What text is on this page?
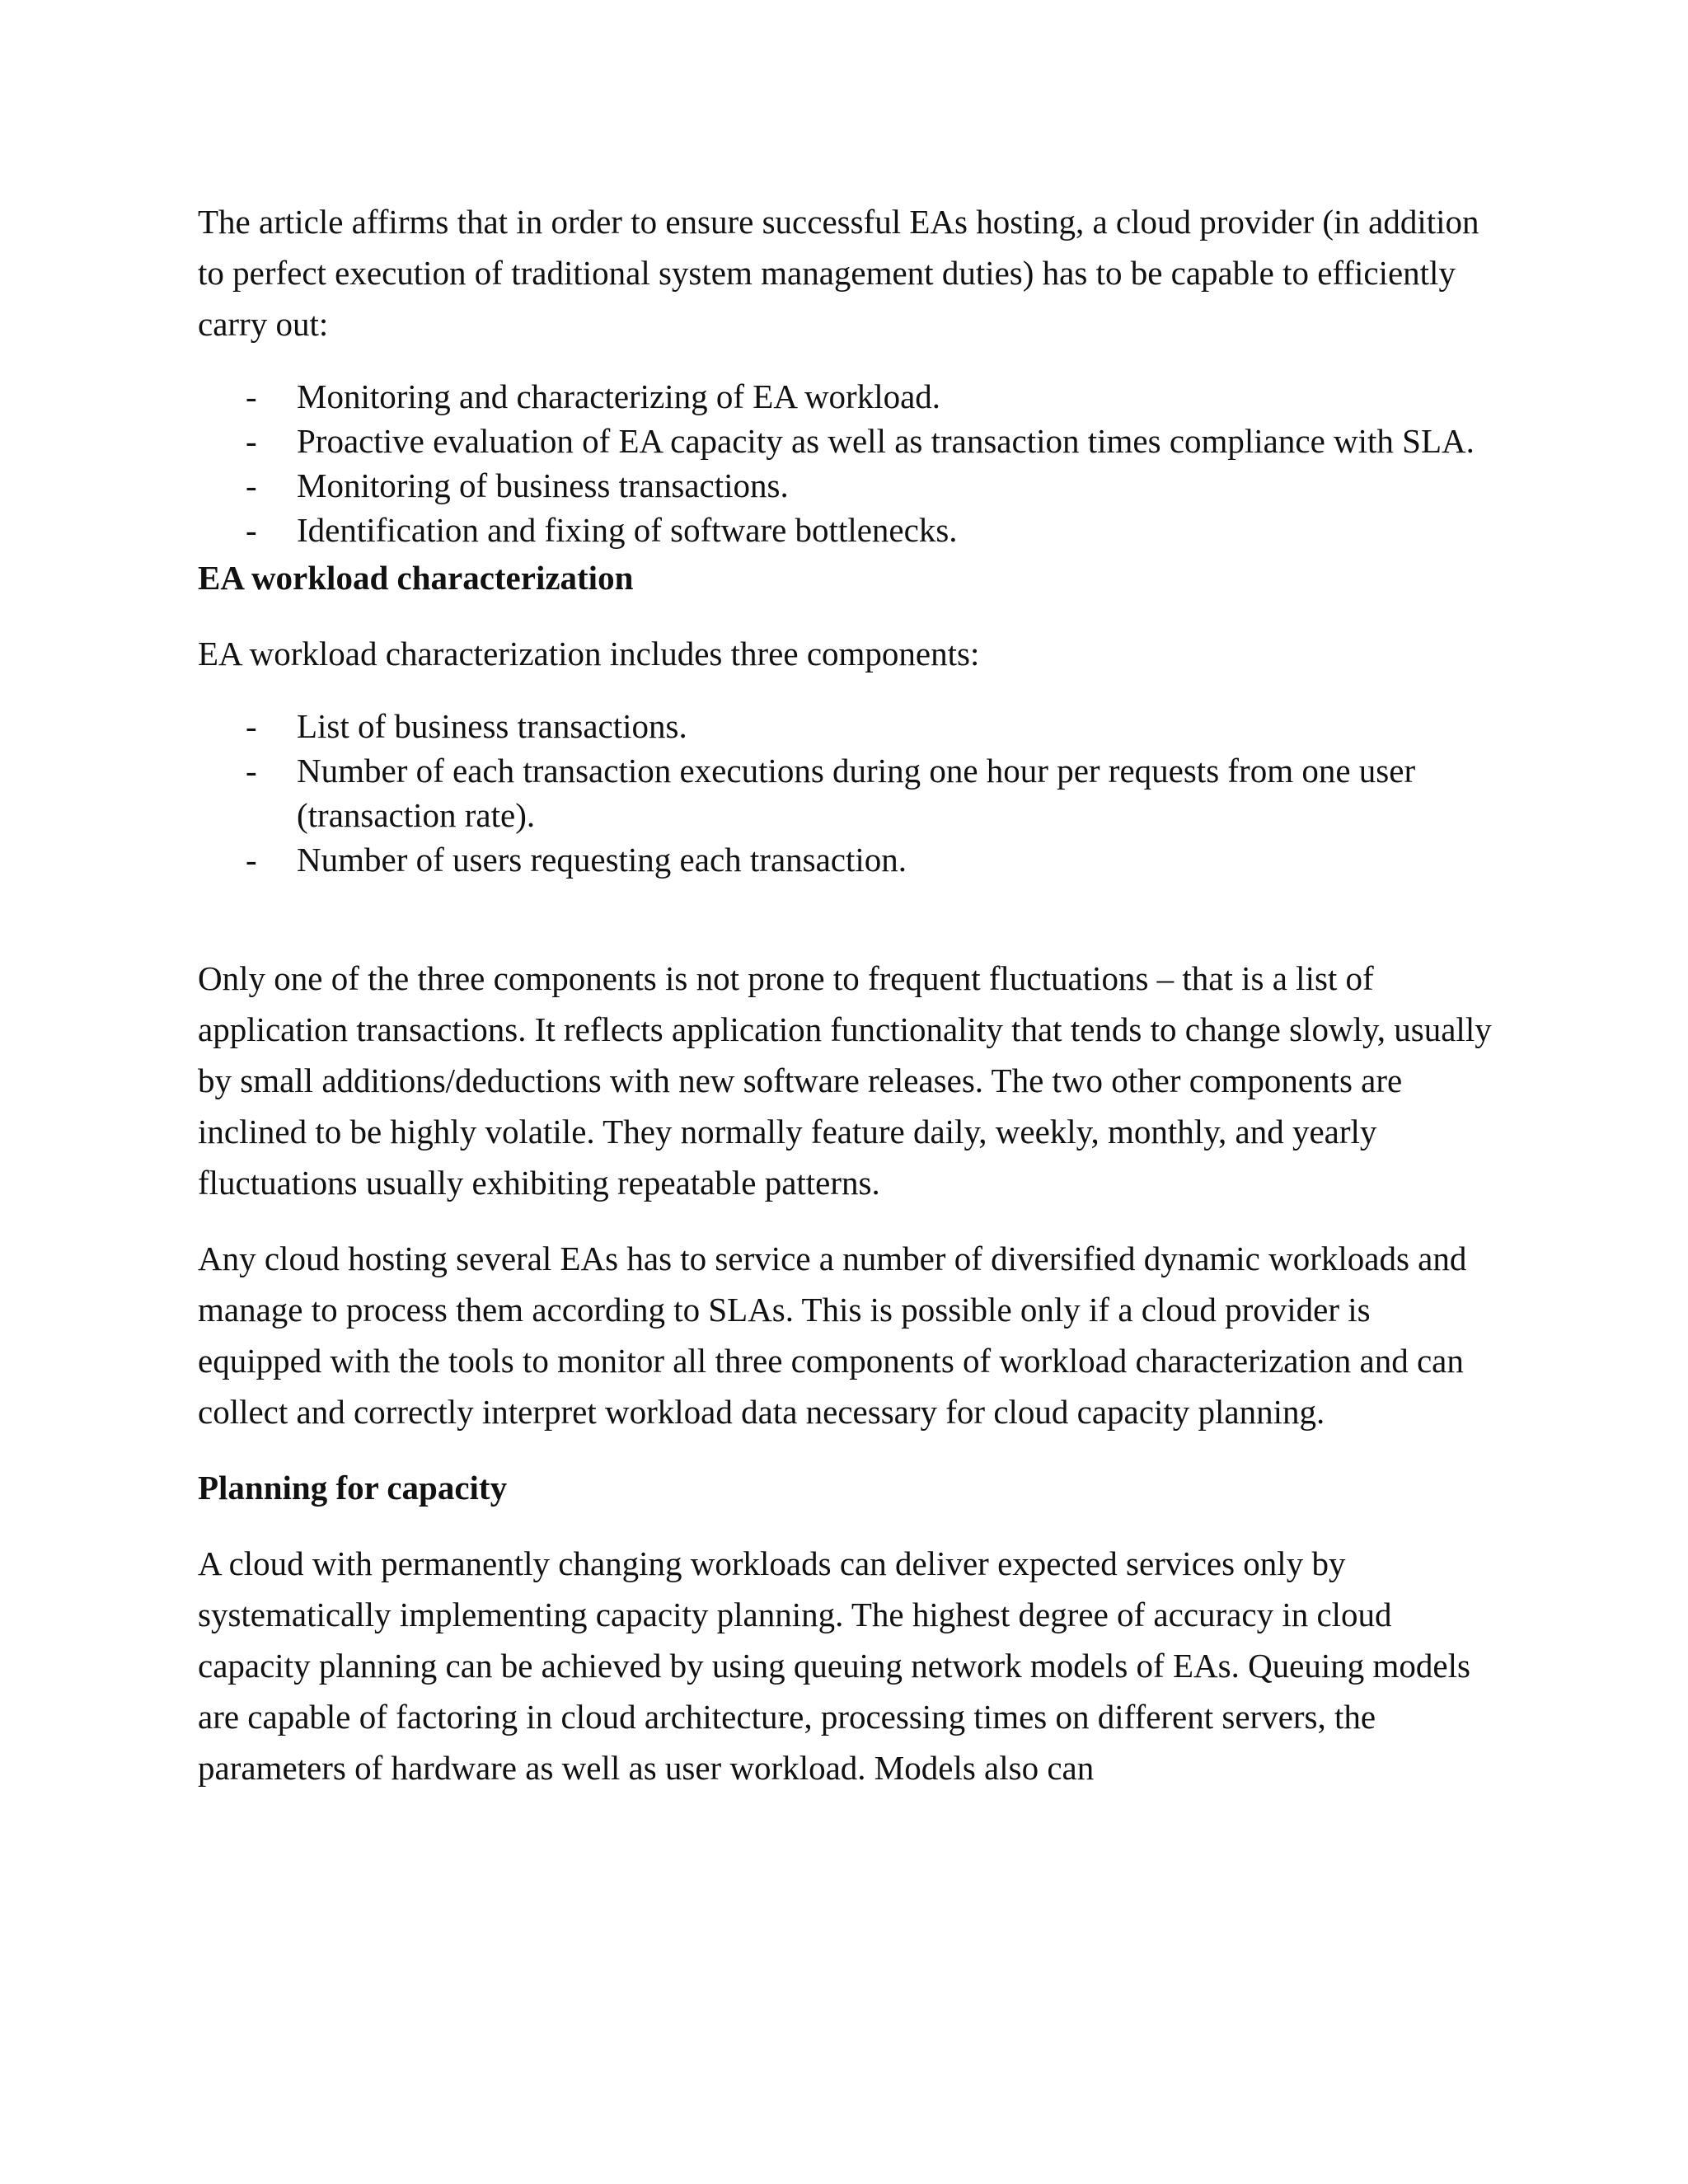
The article affirms that in order to ensure successful EAs hosting, a cloud provider (in addition to perfect execution of traditional system management duties) has to be capable to efficiently carry out:

- Monitoring and characterizing of EA workload.
- Proactive evaluation of EA capacity as well as transaction times compliance with SLA.
- Monitoring of business transactions.
- Identification and fixing of software bottlenecks.

EA workload characterization

EA workload characterization includes three components:

- List of business transactions.
- Number of each transaction executions during one hour per requests from one user (transaction rate).
- Number of users requesting each transaction.

Only one of the three components is not prone to frequent fluctuations – that is a list of application transactions. It reflects application functionality that tends to change slowly, usually by small additions/deductions with new software releases. The two other components are inclined to be highly volatile. They normally feature daily, weekly, monthly, and yearly fluctuations usually exhibiting repeatable patterns.

Any cloud hosting several EAs has to service a number of diversified dynamic workloads and manage to process them according to SLAs. This is possible only if a cloud provider is equipped with the tools to monitor all three components of workload characterization and can collect and correctly interpret workload data necessary for cloud capacity planning.

Planning for capacity

A cloud with permanently changing workloads can deliver expected services only by systematically implementing capacity planning. The highest degree of accuracy in cloud capacity planning can be achieved by using queuing network models of EAs. Queuing models are capable of factoring in cloud architecture, processing times on different servers, the parameters of hardware as well as user workload. Models also can
